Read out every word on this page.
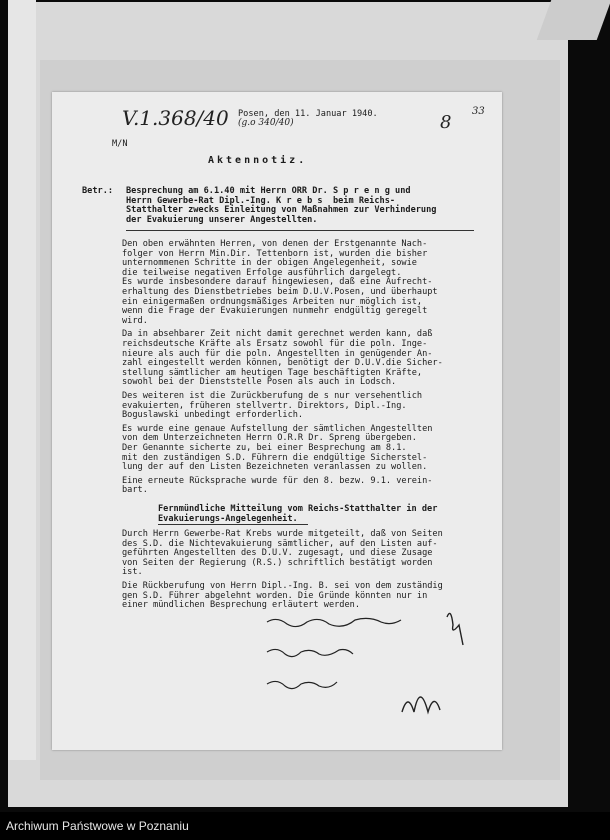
V.1.368/40 (g.o 340/40)	8
33
Posen, den 11. Januar 1940.
M/N
Aktennotiz.
Betr.: Besprechung am 6.1.40 mit Herrn ORR Dr. S p r e n g und
Herrn Gewerbe-Rat Dipl.-Ing. K r e b s  beim Reichs-
Statthalter zwecks Einleitung von Maßnahmen zur Verhinderung
der Evakuierung unserer Angestellten.
Den oben erwähnten Herren, von denen der Erstgenannte Nach-
folger von Herrn Min.Dir. Tettenborn ist, wurden die bisher
unternommenen Schritte in der obigen Angelegenheit, sowie
die teilweise negativen Erfolge ausführlich dargelegt.
Es wurde insbesondere darauf hingewiesen, daß eine Aufrecht-
erhaltung des Dienstbetriebes beim D.U.V.Posen, und überhaupt
ein einigermaßen ordnungsmäßiges Arbeiten nur möglich ist,
wenn die Frage der Evakuierungen nunmehr endgültig geregelt
wird.
Da in absehbarer Zeit nicht damit gerechnet werden kann, daß
reichsdeutsche Kräfte als Ersatz sowohl für die poln. Inge-
nieure als auch für die poln. Angestellten in genügender An-
zahl eingestellt werden können, benötigt der D.U.V.die Sicher-
stellung sämtlicher am heutigen Tage beschäftigten Kräfte,
sowohl bei der Dienststelle Posen als auch in Lodsch.
Des weiteren ist die Zurückberufung de s nur versehentlich
evakuierten, früheren stellvertr. Direktors, Dipl.-Ing.
Boguslawski unbedingt erforderlich.
Es wurde eine genaue Aufstellung der sämtlichen Angestellten
von dem Unterzeichneten Herrn O.R.R Dr. Spreng übergeben.
Der Genannte sicherte zu, bei einer Besprechung am 8.1.
mit den zuständigen S.D. Führern die endgültige Sicherstel-
lung der auf den Listen Bezeichneten veranlassen zu wollen.
Eine erneute Rücksprache wurde für den 8. bezw. 9.1. verein-
bart.
Fernmündliche Mitteilung vom Reichs-Statthalter in der
Evakuierungs-Angelegenheit.
Durch Herrn Gewerbe-Rat Krebs wurde mitgeteilt, daß von Seiten
des S.D. die Nichtevakuierung sämtlicher, auf den Listen auf-
geführten Angestellten des D.U.V. zugesagt, und diese Zusage
von Seiten der Regierung (R.S.) schriftlich bestätigt worden
ist.
Die Rückberufung von Herrn Dipl.-Ing. B. sei von dem zuständig
gen S.D. Führer abgelehnt worden. Die Gründe könnten nur in
einer mündlichen Besprechung erläutert werden.
Archiwum Państwowe w Poznaniu
